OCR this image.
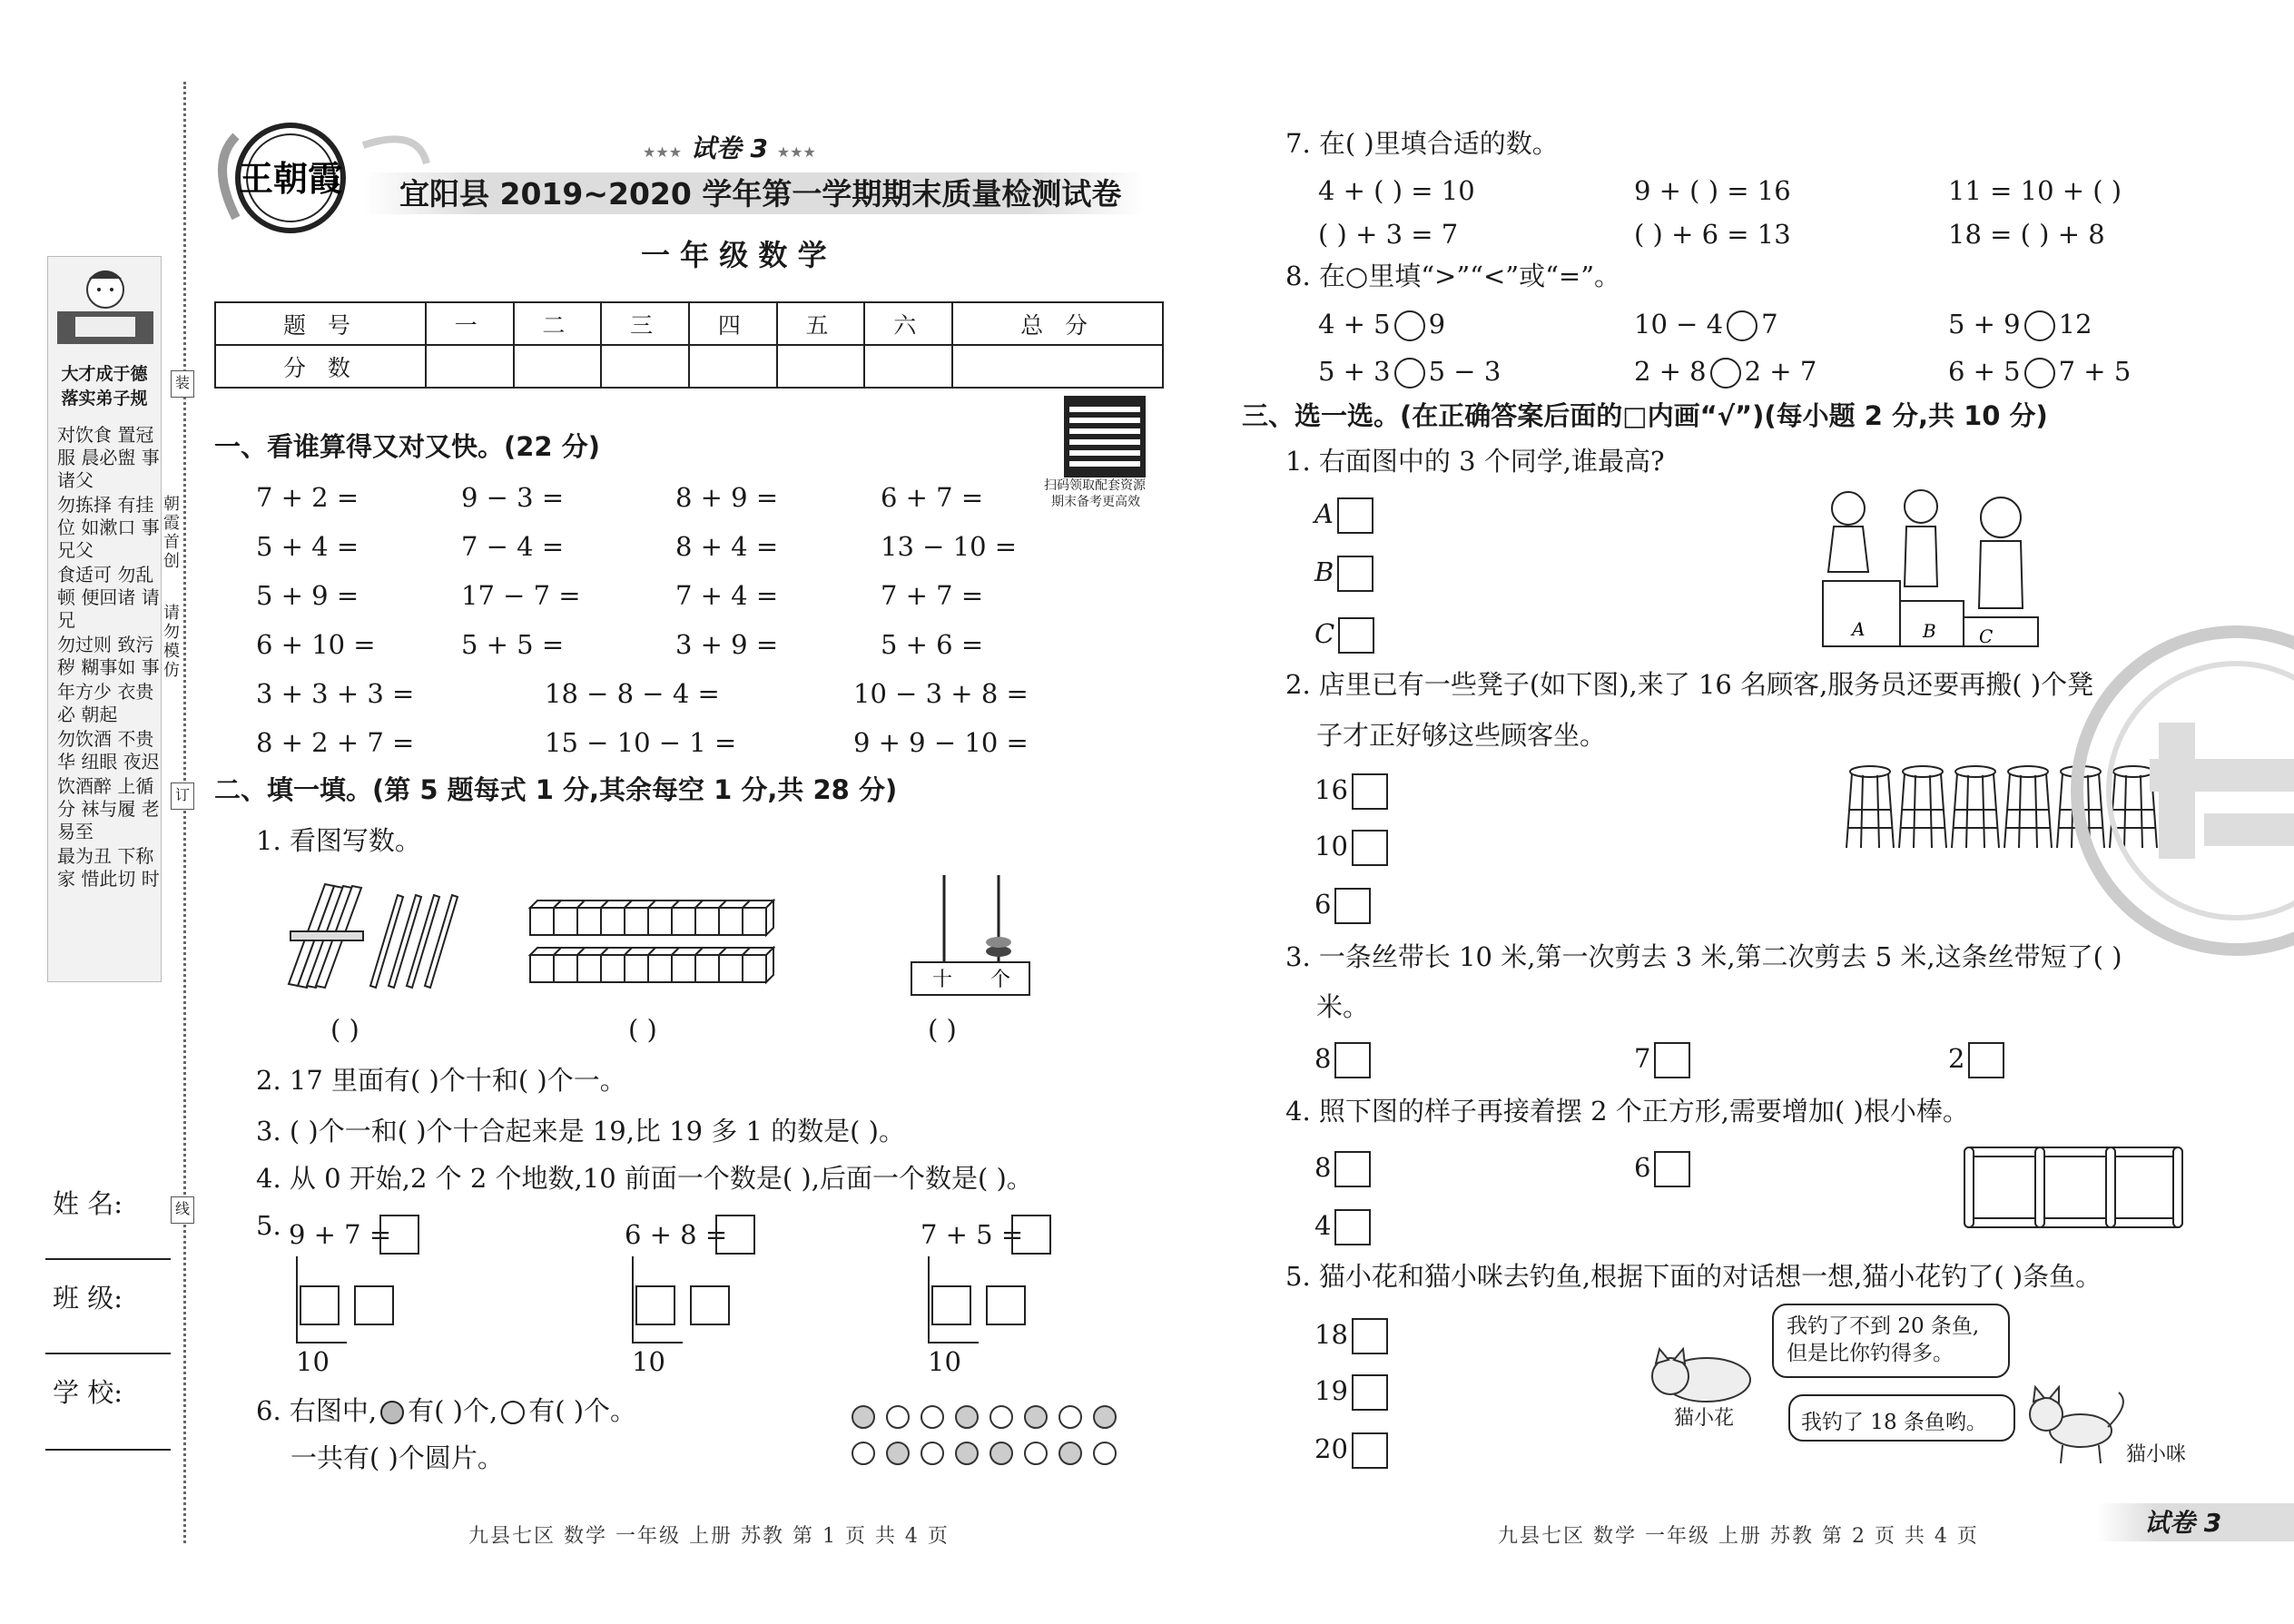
大才成于德
落实弟子规
对饮食 置冠服 晨必盥 事诸父
勿拣择 有挂位 如漱口 事兄父
食适可 勿乱顿 便回诸 请兄
勿过则 致污秽 糊事如 事
年方少 衣贵必 朝起
勿饮酒 不贵华 纽眼 夜迟
饮酒醉 上循分 袜与履 老易至
最为丑 下称家 惜此切 时
装
朝霞首创
请勿模仿
订
线
姓 名:
班 级:
学 校:
王朝霞
★★★ 试卷 3 ★★★
宜阳县 2019~2020 学年第一学期期末质量检测试卷
一 年 级 数 学
题 号	一	二	三	四	五	六	总 分
分 数							
扫码领取配套资源
期末备考更高效
一、看谁算得又对又快。(22 分)
二、填一填。(第 5 题每式 1 分,其余每空 1 分,共 28 分)
1. 看图写数。
十 个
( )	( )	( )
2. 17 里面有( )个十和( )个一。
3. ( )个一和( )个十合起来是 19,比 19 多 1 的数是( )。
4. 从 0 开始,2 个 2 个地数,10 前面一个数是( ),后面一个数是( )。
5.
6. 右图中, 有( )个, 有( )个。
一共有( )个圆片。
九县七区 数学 一年级 上册 苏教 第 1 页 共 4 页
7. 在( )里填合适的数。
8. 在○里填“>”“<”或“=”。
三、选一选。(在正确答案后面的□内画“√”)(每小题 2 分,共 10 分)
1. 右面图中的 3 个同学,谁最高?
A	B C
2. 店里已有一些凳子(如下图),来了 16 名顾客,服务员还要再搬( )个凳
子才正好够这些顾客坐。
3. 一条丝带长 10 米,第一次剪去 3 米,第二次剪去 5 米,这条丝带短了( )
米。
4. 照下图的样子再接着摆 2 个正方形,需要增加( )根小棒。
5. 猫小花和猫小咪去钓鱼,根据下面的对话想一想,猫小花钓了( )条鱼。
我钓了不到 20 条鱼,
但是比你钓得多。
我钓了 18 条鱼哟。
猫小花
猫小咪
九县七区 数学 一年级 上册 苏教 第 2 页 共 4 页	试卷 3
7 + 2 =	9 − 3 =	8 + 9 =	6 + 7 =
5 + 4 =	7 − 4 =	8 + 4 =	13 − 10 =
5 + 9 =	17 − 7 =	7 + 4 =	7 + 7 =
6 + 10 =	5 + 5 =	3 + 9 =	5 + 6 =
3 + 3 + 3 =	18 − 8 − 4 =	10 − 3 + 8 =
8 + 2 + 7 =	15 − 10 − 1 =	9 + 9 − 10 =
9 + 7 =
10
6 + 8 =
10
7 + 5 =
10
4 + ( ) = 10	9 + ( ) = 16	11 = 10 + ( )
( ) + 3 = 7	( ) + 6 = 13	18 = ( ) + 8
4 + 5 9	10 − 4 7	5 + 9 12
5 + 3 5 − 3	2 + 8 2 + 7	6 + 5 7 + 5
A
B
C
16
10
6
8	7	2
8	6
4
18
19
20
